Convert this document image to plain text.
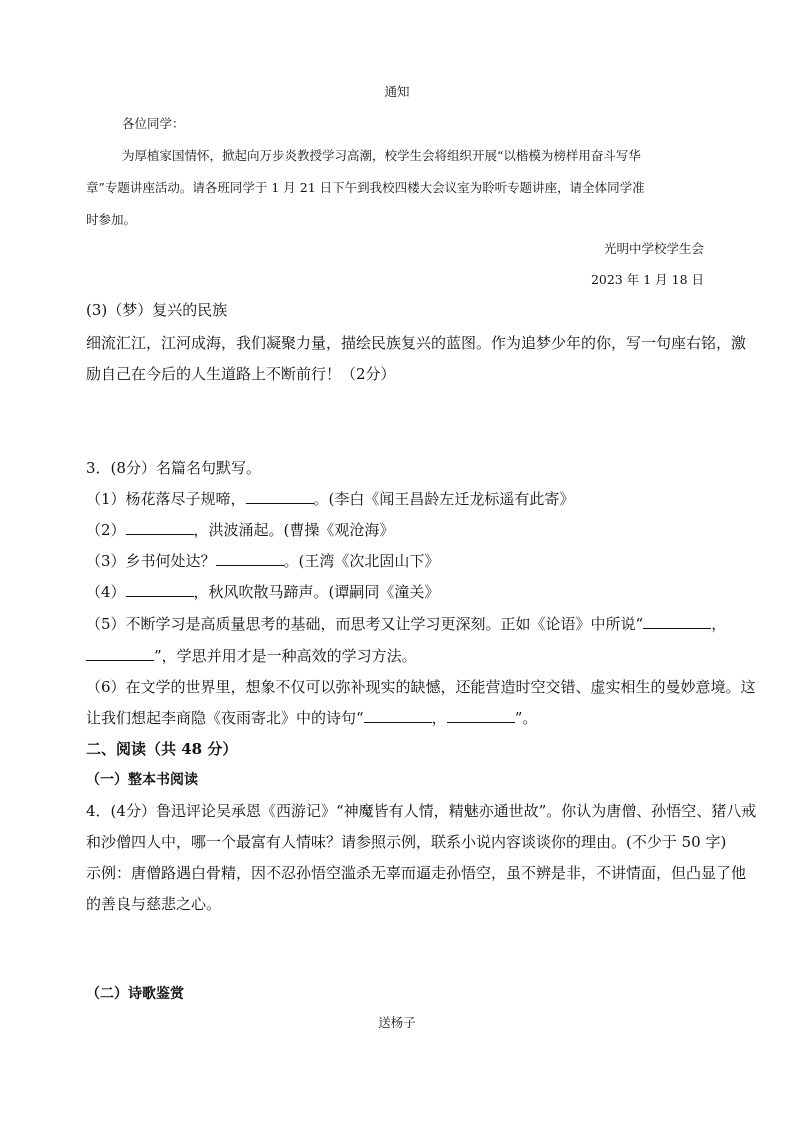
通知
各位同学：
为厚植家国情怀，掀起向万步炎教授学习高潮，校学生会将组织开展“以楷模为榜样用奋斗写华
章”专题讲座活动。请各班同学于 1 月 21 日下午到我校四楼大会议室为聆听专题讲座，请全体同学准
时参加。
光明中学校学生会
2023 年 1 月 18 日
(3)（梦）复兴的民族
细流汇江，江河成海，我们凝聚力量，描绘民族复兴的蓝图。作为追梦少年的你，写一句座右铭，激
励自己在今后的人生道路上不断前行！（2分）
3．(8分）名篇名句默写。
（1）杨花落尽子规啼，	。(李白《闻王昌龄左迁龙标遥有此寄》
（2）	，洪波涌起。(曹操《观沧海》
（3）乡书何处达？	。(王湾《次北固山下》
（4）	，秋风吹散马蹄声。(谭嗣同《潼关》
（5）不断学习是高质量思考的基础，而思考又让学习更深刻。正如《论语》中所说“	，
”，学思并用才是一种高效的学习方法。
（6）在文学的世界里，想象不仅可以弥补现实的缺憾，还能营造时空交错、虚实相生的曼妙意境。这
让我们想起李商隐《夜雨寄北》中的诗句“	，	”。
二、阅读（共 48 分）
（一）整本书阅读
4．(4分）鲁迅评论吴承恩《西游记》“神魔皆有人情，精魅亦通世故”。你认为唐僧、孙悟空、猪八戒
和沙僧四人中，哪一个最富有人情味？请参照示例，联系小说内容谈谈你的理由。(不少于 50 字)
示例：唐僧路遇白骨精，因不忍孙悟空滥杀无辜而逼走孙悟空，虽不辨是非，不讲情面，但凸显了他
的善良与慈悲之心。
（二）诗歌鉴赏
送杨子
